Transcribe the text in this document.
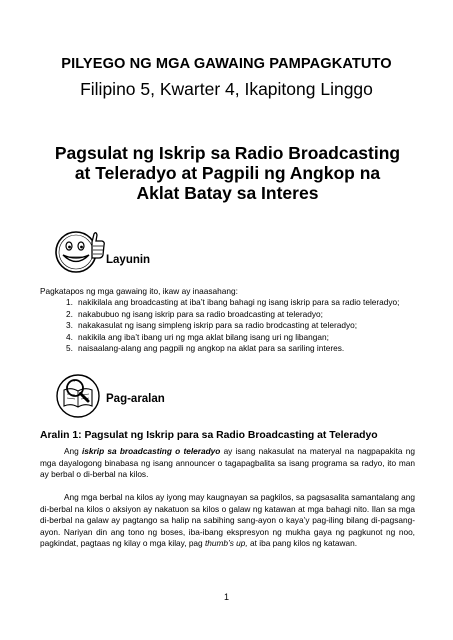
PILYEGO NG MGA GAWAING PAMPAGKATUTO
Filipino 5, Kwarter 4, Ikapitong Linggo
Pagsulat ng Iskrip sa Radio Broadcasting
at Teleradyo at Pagpili ng Angkop na
Aklat Batay sa Interes
Layunin
Pagkatapos ng mga gawaing ito, ikaw ay inaasahang:
1. nakikilala ang broadcasting at iba’t ibang bahagi ng isang iskrip para sa radio teleradyo;
2. nakabubuo ng isang iskrip para sa radio broadcasting at teleradyo;
3. nakakasulat ng isang simpleng iskrip para sa radio brodcasting at teleradyo;
4. nakikila ang iba’t ibang uri ng mga aklat bilang isang uri ng libangan;
5. naisaalang-alang ang pagpili ng angkop na aklat para sa sariling interes.
Pag-aralan
Aralin 1: Pagsulat ng Iskrip para sa Radio Broadcasting at Teleradyo
Ang iskrip sa broadcasting o teleradyo ay isang nakasulat na materyal na nagpapakita ng mga dayalogong binabasa ng isang announcer o tagapagbalita sa isang programa sa radyo, ito man ay berbal o di-berbal na kilos.
Ang mga berbal na kilos ay iyong may kaugnayan sa pagkilos, sa pagsasalita samantalang ang di-berbal na kilos o aksiyon ay nakatuon sa kilos o galaw ng katawan at mga bahagi nito. Ilan sa mga di-berbal na galaw ay pagtango sa halip na sabihing sang-ayon o kaya’y pag-iling bilang di-pagsang-ayon. Nariyan din ang tono ng boses, iba-ibang ekspresyon ng mukha gaya ng pagkunot ng noo, pagkindat, pagtaas ng kilay o mga kilay, pag thumb’s up, at iba pang kilos ng katawan.
1
